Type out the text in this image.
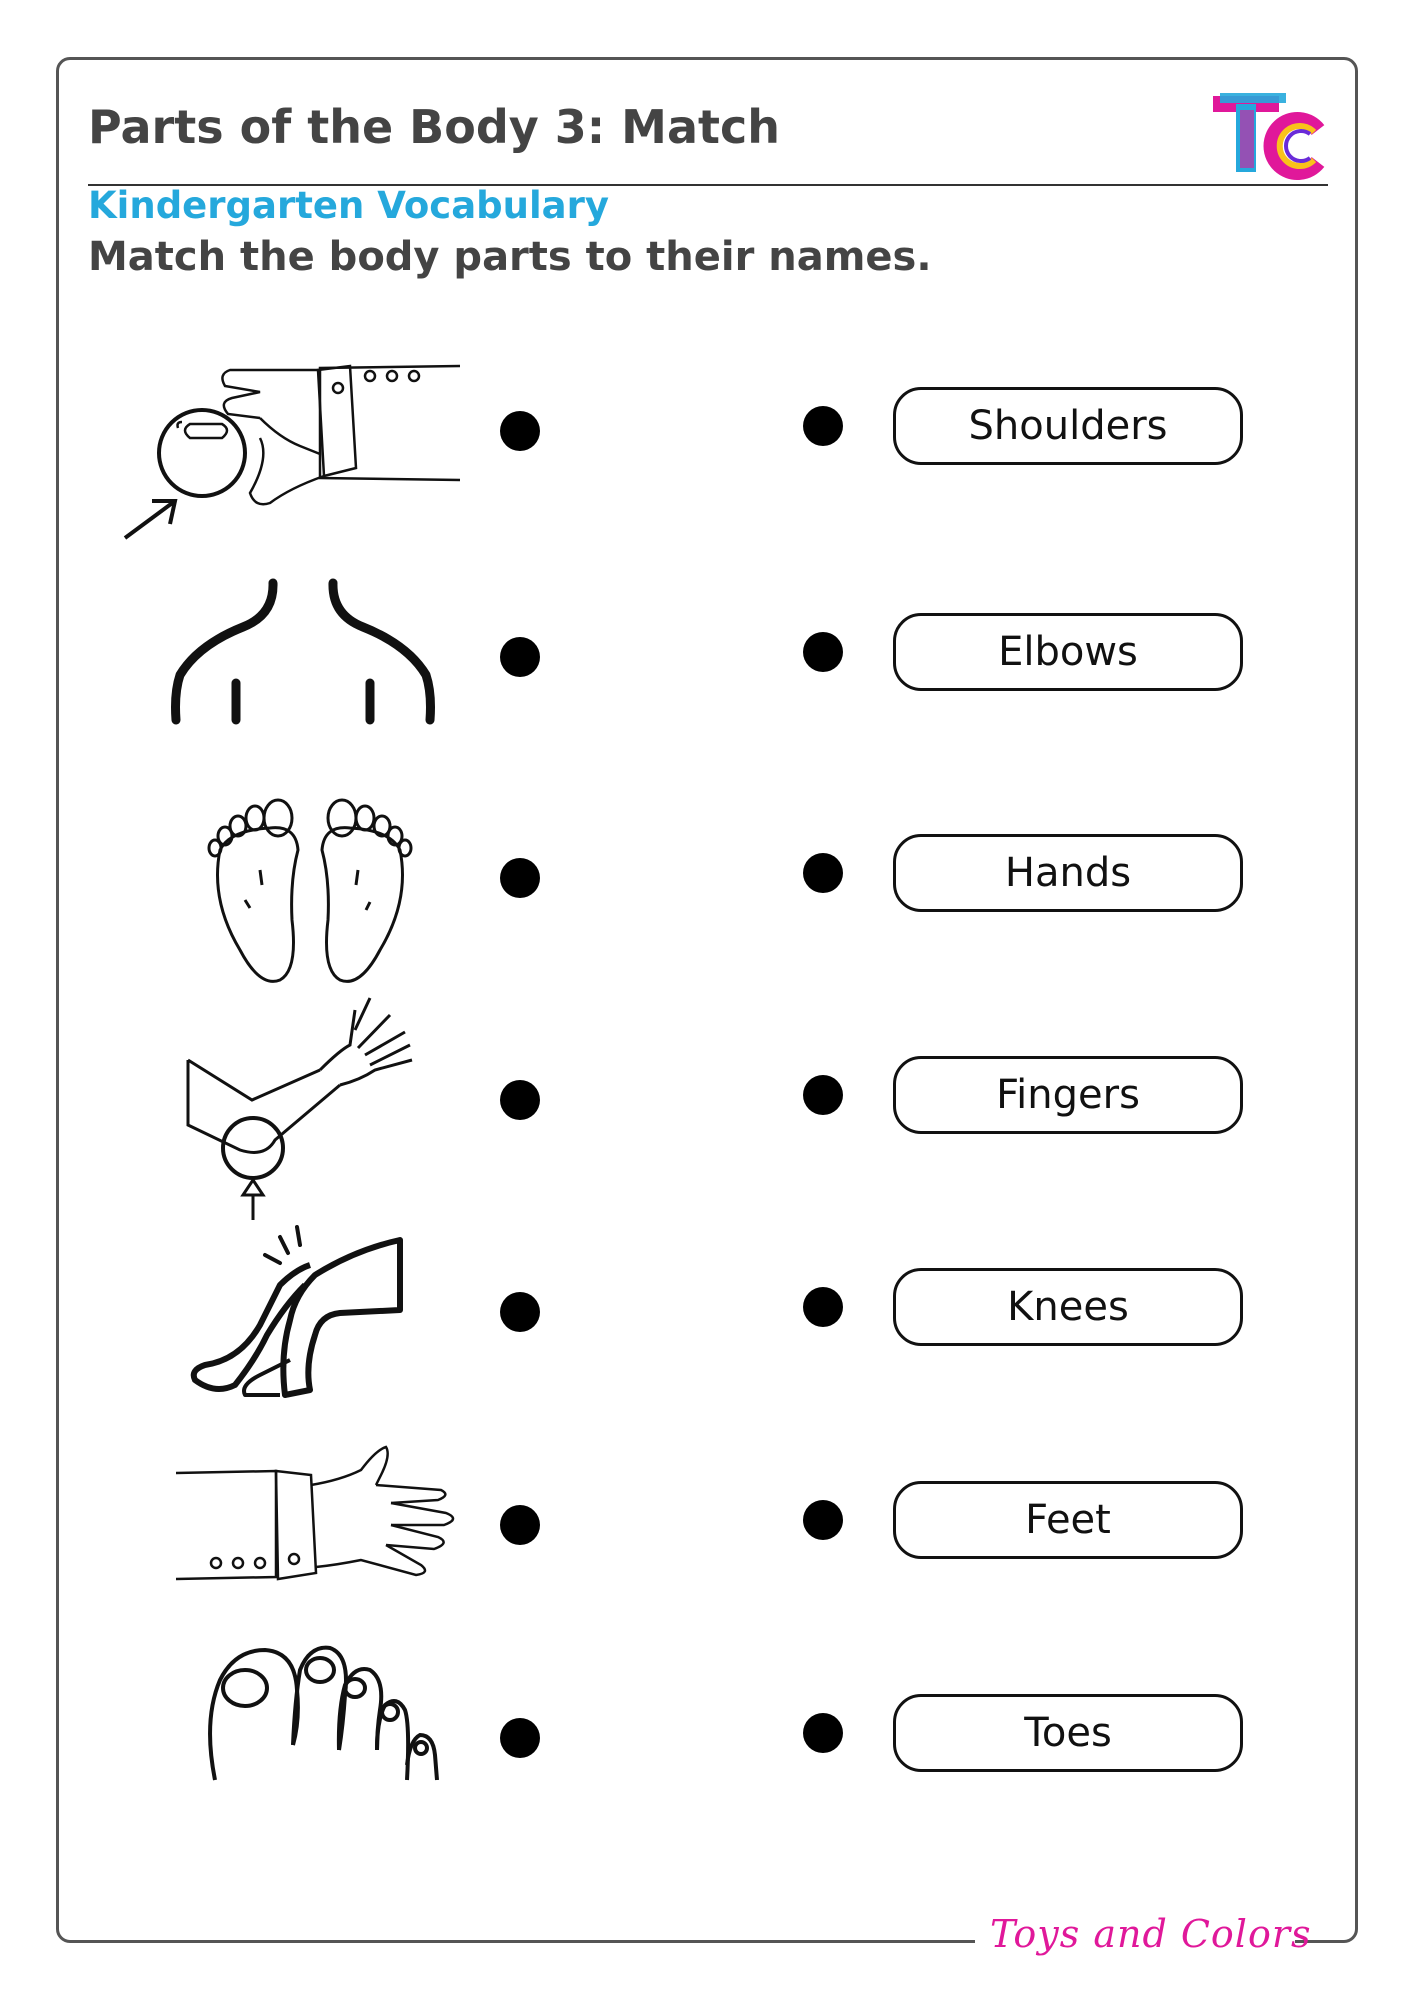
Parts of the Body 3: Match
Kindergarten Vocabulary
Match the body parts to their names.
TC
Shoulders
Elbows
Hands
Fingers
Knees
Feet
Toes
Toys and Colors
